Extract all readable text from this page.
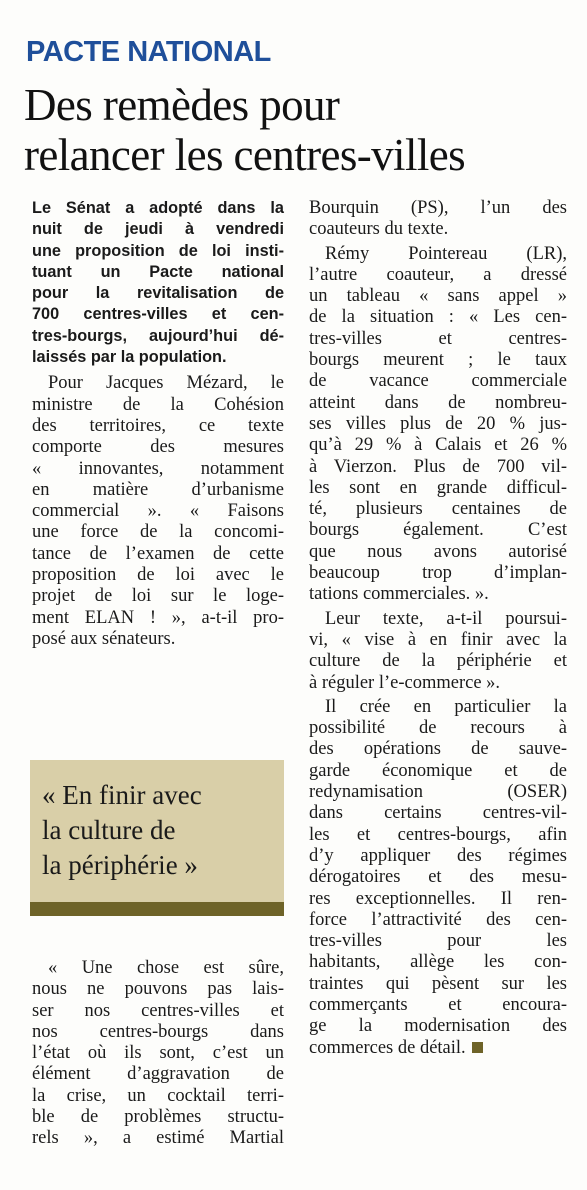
PACTE NATIONAL
Des remèdes pour
relancer les centres-villes
Le Sénat a adopté dans la
nuit de jeudi à vendredi
une proposition de loi insti-
tuant un Pacte national
pour la revitalisation de
700 centres-villes et cen-
tres-bourgs, aujourd’hui dé-
laissés par la population.
Pour Jacques Mézard, le
ministre de la Cohésion
des territoires, ce texte
comporte des mesures
« innovantes, notamment
en matière d’urbanisme
commercial ». « Faisons
une force de la concomi-
tance de l’examen de cette
proposition de loi avec le
projet de loi sur le loge-
ment ELAN ! », a-t-il pro-
posé aux sénateurs.
« En finir avec
la culture de
la périphérie »
« Une chose est sûre,
nous ne pouvons pas lais-
ser nos centres-villes et
nos centres-bourgs dans
l’état où ils sont, c’est un
élément d’aggravation de
la crise, un cocktail terri-
ble de problèmes structu-
rels », a estimé Martial
Bourquin (PS), l’un des
coauteurs du texte.
Rémy Pointereau (LR),
l’autre coauteur, a dressé
un tableau « sans appel »
de la situation : « Les cen-
tres-villes et centres-
bourgs meurent ; le taux
de vacance commerciale
atteint dans de nombreu-
ses villes plus de 20 % jus-
qu’à 29 % à Calais et 26 %
à Vierzon. Plus de 700 vil-
les sont en grande difficul-
té, plusieurs centaines de
bourgs également. C’est
que nous avons autorisé
beaucoup trop d’implan-
tations commerciales. ».
Leur texte, a-t-il poursui-
vi, « vise à en finir avec la
culture de la périphérie et
à réguler l’e-commerce ».
Il crée en particulier la
possibilité de recours à
des opérations de sauve-
garde économique et de
redynamisation (OSER)
dans certains centres-vil-
les et centres-bourgs, afin
d’y appliquer des régimes
dérogatoires et des mesu-
res exceptionnelles. Il ren-
force l’attractivité des cen-
tres-villes pour les
habitants, allège les con-
traintes qui pèsent sur les
commerçants et encoura-
ge la modernisation des
commerces de détail.
